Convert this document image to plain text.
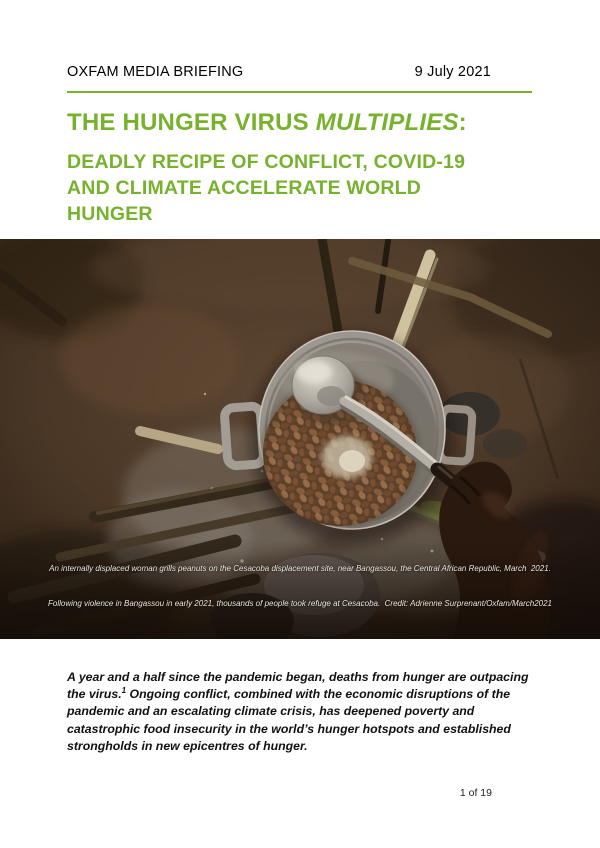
OXFAM MEDIA BRIEFING	9 July 2021
THE HUNGER VIRUS MULTIPLIES:
DEADLY RECIPE OF CONFLICT, COVID-19
AND CLIMATE ACCELERATE WORLD
HUNGER

An internally displaced woman grills peanuts on the Cesacoba displacement site, near Bangassou, the Central African Republic, March  2021.

Following violence in Bangassou in early 2021, thousands of people took refuge at Cesacoba.  Credit: Adrienne Surprenant/Oxfam/March2021

A year and a half since the pandemic began, deaths from hunger are outpacing the virus.$^1$ Ongoing conflict, combined with the economic disruptions of the pandemic and an escalating climate crisis, has deepened poverty and catastrophic food insecurity in the world’s hunger hotspots and established strongholds in new epicentres of hunger.

1 of 19
